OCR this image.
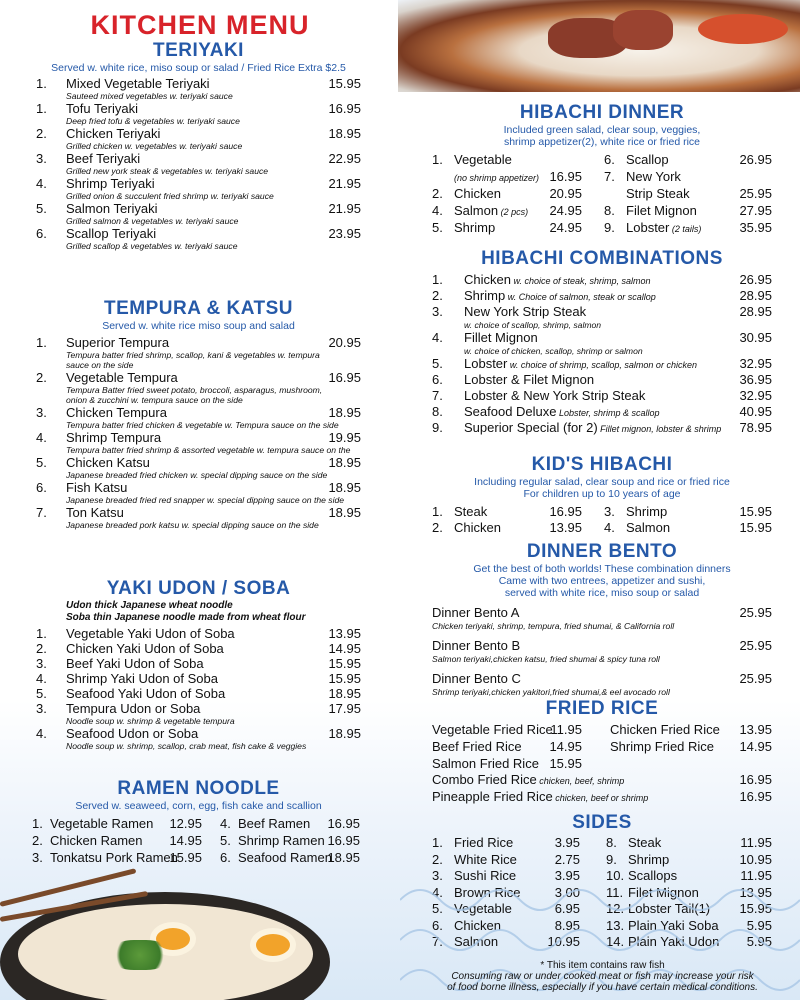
KITCHEN MENU
TERIYAKI
Served w. white rice, miso soup or salad / Fried Rice Extra $2.5
1. Mixed Vegetable Teriyaki	15.95
Sauteed mixed vegetables w. teriyaki sauce
1. Tofu Teriyaki	16.95
Deep fried tofu & vegetables w. teriyaki sauce
2. Chicken Teriyaki	18.95
Grilled chicken w. vegetables w. teriyaki sauce
3. Beef Teriyaki	22.95
Grilled new york steak & vegetables w. teriyaki sauce
4. Shrimp Teriyaki	21.95
Grilled onion & succulent fried shrimp w. teriyaki sauce
5. Salmon Teriyaki	21.95
Grilled salmon & vegetables w. teriyaki sauce
6. Scallop Teriyaki	23.95
Grilled scallop & vegetables w. teriyaki sauce
TEMPURA & KATSU
Served w. white rice miso soup and salad
1. Superior Tempura	20.95
Tempura batter fried shrimp, scallop, kani & vegetables w. tempura
sauce on the side
2. Vegetable Tempura	16.95
Tempura Batter fried sweet potato, broccoli, asparagus, mushroom,
onion & zucchini w. tempura sauce on the side
3. Chicken Tempura	18.95
Tempura batter fried chicken & vegetable w. Tempura sauce on the side
4. Shrimp Tempura	19.95
Tempura batter fried shrimp & assorted vegetable w. tempura sauce on the
5. Chicken Katsu	18.95
Japanese breaded fried chicken w. special dipping sauce on the side
6. Fish Katsu	18.95
Japanese breaded fried red snapper w. special dipping sauce on the side
7. Ton Katsu	18.95
Japanese breaded pork katsu w. special dipping sauce on the side
YAKI UDON / SOBA
Udon thick Japanese wheat noodle
Soba thin Japanese noodle made from wheat flour
1. Vegetable Yaki Udon of Soba	13.95
2. Chicken Yaki Udon of Soba	14.95
3. Beef Yaki Udon of Soba	15.95
4. Shrimp Yaki Udon of Soba	15.95
5. Seafood Yaki Udon of Soba	18.95
3. Tempura Udon or Soba	17.95
Noodle soup w. shrimp & vegetable tempura
4. Seafood Udon or Soba	18.95
Noodle soup w. shrimp, scallop, crab meat, fish cake & veggies
RAMEN NOODLE
Served w. seaweed, corn, egg, fish cake and scallion
1. Vegetable Ramen 12.95
2. Chicken Ramen 14.95
3. Tonkatsu Pork Ramen
15.95
4. Beef Ramen 16.95
5. Shrimp Ramen 16.95
6. Seafood Ramen
18.95
HIBACHI DINNER
Included green salad, clear soup, veggies,
shrimp appetizer(2), white rice or fried rice
1. Vegetable
(no shrimp appetizer) 16.95
2. Chicken	20.95
4. Salmon (2 pcs) 24.95
5. Shrimp	24.95
6. Scallop	26.95
7. New York
Strip Steak	25.95
8. Filet Mignon	27.95
9. Lobster (2 tails)	35.95
HIBACHI COMBINATIONS
1. Chicken w. choice of steak, shrimp, salmon	26.95
2. Shrimp w. Choice of salmon, steak or scallop	28.95
3. New York Strip Steak	28.95
w. choice of scallop, shrimp, salmon
4. Fillet Mignon	30.95
w. choice of chicken, scallop, shrimp or salmon
5. Lobster w. choice of shrimp, scallop, salmon or chicken	32.95
6. Lobster & Filet Mignon	36.95
7. Lobster & New York Strip Steak	32.95
8. Seafood Deluxe Lobster, shrimp & scallop	40.95
9. Superior Special (for 2) Fillet mignon, lobster & shrimp 78.95
KID'S HIBACHI
Including regular salad, clear soup and rice or fried rice
For children up to 10 years of age
1. Steak	16.95
2. Chicken	13.95
3. Shrimp	15.95
4. Salmon	15.95
DINNER BENTO
Get the best of both worlds! These combination dinners
Came with two entrees, appetizer and sushi,
served with white rice, miso soup or salad
Dinner Bento A	25.95
Chicken teriyaki, shrimp, tempura, fried shumai, & California roll
Dinner Bento B	25.95
Salmon teriyaki,chicken katsu, fried shumai & spicy tuna roll
Dinner Bento C	25.95
Shrimp teriyaki,chicken yakitori,fried shumai,& eel avocado roll
FRIED RICE
Vegetable Fried Rice
11.95
Beef Fried Rice 14.95
Salmon Fried Rice 15.95
Chicken Fried Rice 13.95
Shrimp Fried Rice 14.95
Combo Fried Rice chicken, beef, shrimp	16.95
Pineapple Fried Rice chicken, beef or shrimp	16.95
SIDES
1. Fried Rice	3.95
2. White Rice	2.75
3. Sushi Rice	3.95
4. Brown Rice	3.00
5. Vegetable	6.95
6. Chicken	8.95
7. Salmon	10.95
8. Steak	11.95
9. Shrimp	10.95
10. Scallops	11.95
11. Filet Mignon	13.95
12. Lobster Tail(1) 15.95
13. Plain Yaki Soba 5.95
14. Plain Yaki Udon 5.95
* This item contains raw fish
Consuming raw or under cooked meat or fish may increase your risk
of food borne illness, especially if you have certain medical conditions.
